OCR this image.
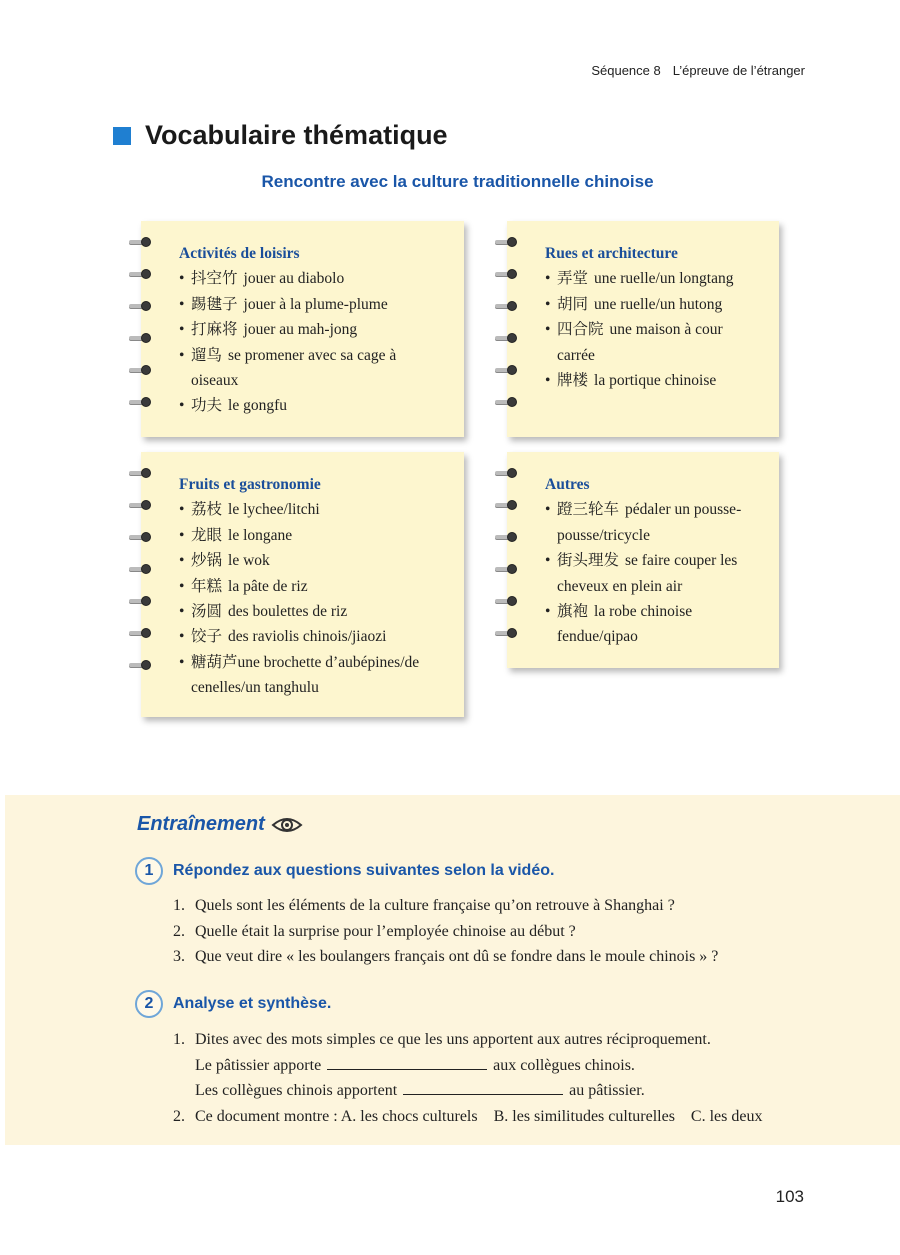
Séquence 8 L’épreuve de l’étranger
Vocabulaire thématique
Rencontre avec la culture traditionnelle chinoise
Activités de loisirs
• 抖空竹 jouer au diabolo
• 踢毽子 jouer à la plume-plume
• 打麻将 jouer au mah-jong
• 遛鸟 se promener avec sa cage à oiseaux
• 功夫 le gongfu
Rues et architecture
• 弄堂 une ruelle/un longtang
• 胡同 une ruelle/un hutong
• 四合院 une maison à cour carrée
• 牌楼 la portique chinoise
Fruits et gastronomie
• 荔枝 le lychee/litchi
• 龙眼 le longane
• 炒锅 le wok
• 年糕 la pâte de riz
• 汤圆 des boulettes de riz
• 饺子 des raviolis chinois/jiaozi
• 糖葫芦une brochette d’aubépines/de cenelles/un tanghulu
Autres
• 蹬三轮车 pédaler un pousse-pousse/tricycle
• 街头理发 se faire couper les cheveux en plein air
• 旗袍 la robe chinoise fendue/qipao
Entraînement
1	Répondez aux questions suivantes selon la vidéo.
1. Quels sont les éléments de la culture française qu’on retrouve à Shanghai ?
2. Quelle était la surprise pour l’employée chinoise au début ?
3. Que veut dire « les boulangers français ont dû se fondre dans le moule chinois » ?
2	Analyse et synthèse.
1. Dites avec des mots simples ce que les uns apportent aux autres réciproquement.
Le pâtissier apporte	aux collègues chinois.
Les collègues chinois apportent	au pâtissier.
2. Ce document montre : A. les chocs culturels    B. les similitudes culturelles    C. les deux
103
